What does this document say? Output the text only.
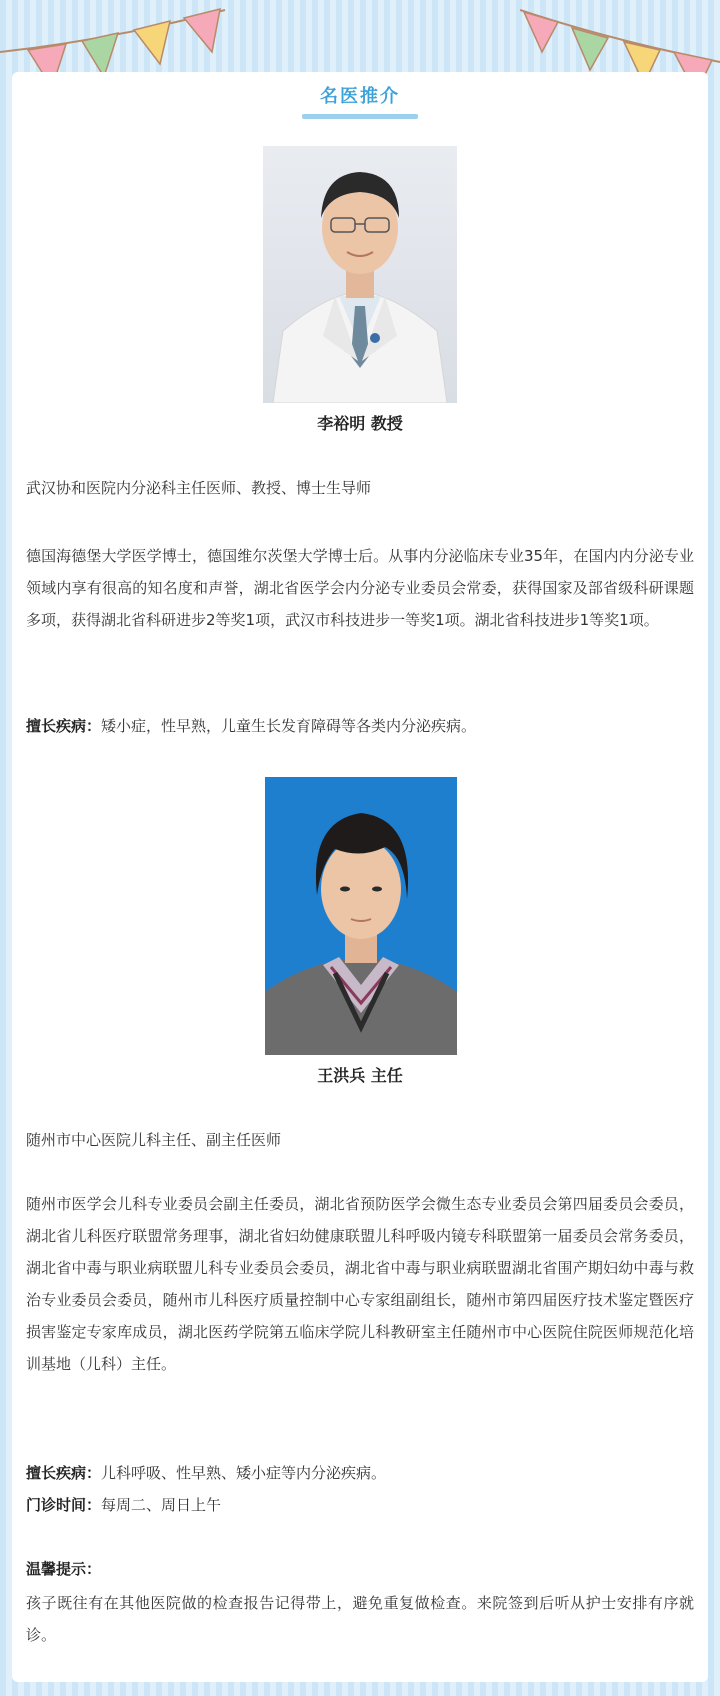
名医推介
李裕明 教授
武汉协和医院内分泌科主任医师、教授、博士生导师
德国海德堡大学医学博士，德国维尔茨堡大学博士后。从事内分泌临床专业35年，在国内内分泌专业领域内享有很高的知名度和声誉，湖北省医学会内分泌专业委员会常委，获得国家及部省级科研课题多项，获得湖北省科研进步2等奖1项，武汉市科技进步一等奖1项。湖北省科技进步1等奖1项。
擅长疾病：矮小症，性早熟，儿童生长发育障碍等各类内分泌疾病。
王洪兵 主任
随州市中心医院儿科主任、副主任医师
随州市医学会儿科专业委员会副主任委员，湖北省预防医学会微生态专业委员会第四届委员会委员，湖北省儿科医疗联盟常务理事，湖北省妇幼健康联盟儿科呼吸内镜专科联盟第一届委员会常务委员，湖北省中毒与职业病联盟儿科专业委员会委员，湖北省中毒与职业病联盟湖北省围产期妇幼中毒与救治专业委员会委员，随州市儿科医疗质量控制中心专家组副组长，随州市第四届医疗技术鉴定暨医疗损害鉴定专家库成员，湖北医药学院第五临床学院儿科教研室主任随州市中心医院住院医师规范化培训基地（儿科）主任。
擅长疾病：儿科呼吸、性早熟、矮小症等内分泌疾病。
门诊时间：每周二、周日上午
温馨提示：
孩子既往有在其他医院做的检查报告记得带上，避免重复做检查。来院签到后听从护士安排有序就诊。
